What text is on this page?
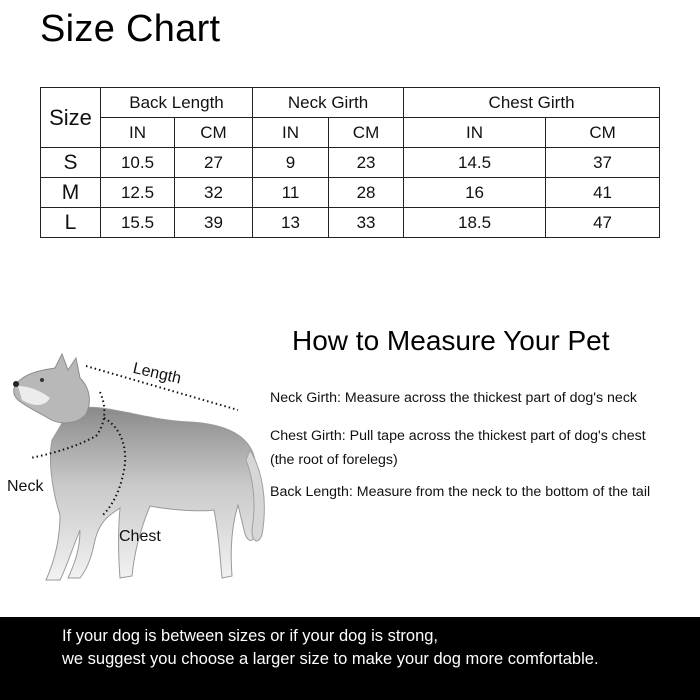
Size Chart
Size	Back Length		Neck Girth		Chest Girth	
	IN	CM	IN	CM	IN	CM
S	10.5	27	9	23	14.5	37
M	12.5	32	11	28	16	41
L	15.5	39	13	33	18.5	47
How to Measure Your Pet
Neck Girth: Measure across the thickest part of dog's neck
Chest Girth: Pull tape across the thickest part of dog's chest
(the root of forelegs)
Back Length: Measure from the neck to the bottom of the tail
Length
Neck
Chest
If your dog is between sizes or if your dog is strong,
we suggest you choose a larger size to make your dog more comfortable.
